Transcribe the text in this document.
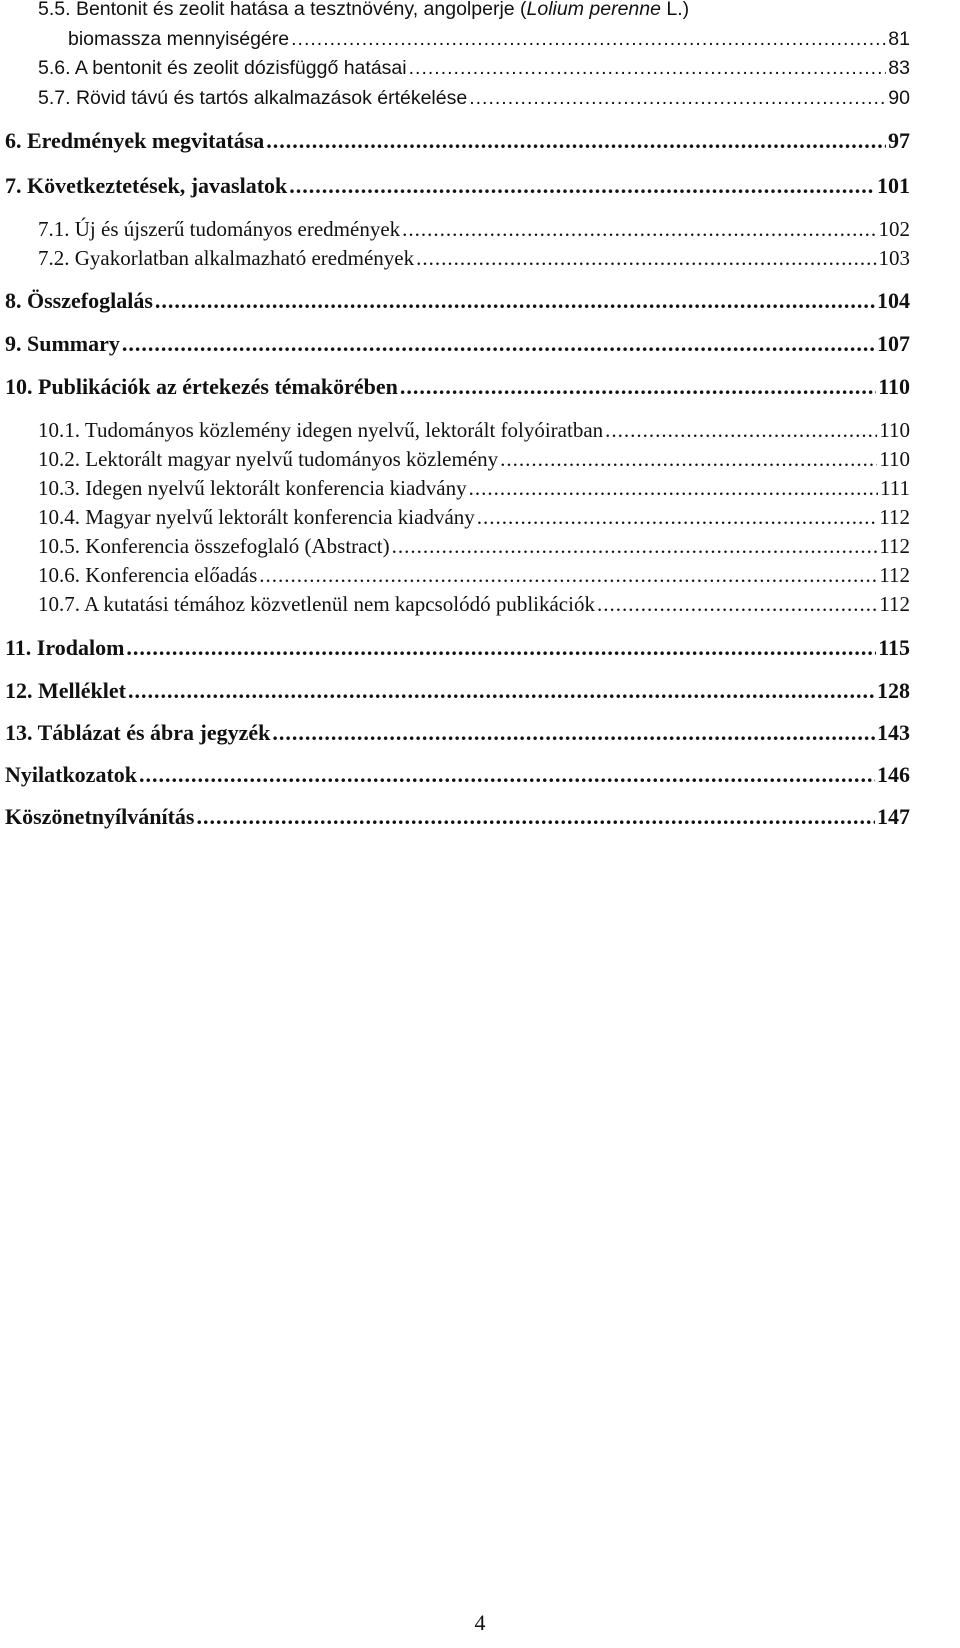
5.5. Bentonit és zeolit hatása a tesztnövény, angolperje (Lolium perenne L.)
biomassza mennyiségére .....	81
5.6. A bentonit és zeolit dózisfüggő hatásai .....	83
5.7. Rövid távú és tartós alkalmazások értékelése .....	90
6. Eredmények megvitatása .....	97
7. Következtetések, javaslatok .....	101
7.1. Új és újszerű tudományos eredmények .....	102
7.2. Gyakorlatban alkalmazható eredmények .....	103
8. Összefoglalás .....	104
9. Summary .....	107
10. Publikációk az értekezés témakörében .....	110
10.1. Tudományos közlemény idegen nyelvű, lektorált folyóiratban .....	110
10.2. Lektorált magyar nyelvű tudományos közlemény .....	110
10.3. Idegen nyelvű lektorált konferencia kiadvány .....	111
10.4. Magyar nyelvű lektorált konferencia kiadvány .....	112
10.5. Konferencia összefoglaló (Abstract) .....	112
10.6. Konferencia előadás .....	112
10.7. A kutatási témához közvetlenül nem kapcsolódó publikációk .....	112
11. Irodalom .....	115
12. Melléklet .....	128
13. Táblázat és ábra jegyzék .....	143
Nyilatkozatok .....	146
Köszönetnyílvánítás .....	147
4
